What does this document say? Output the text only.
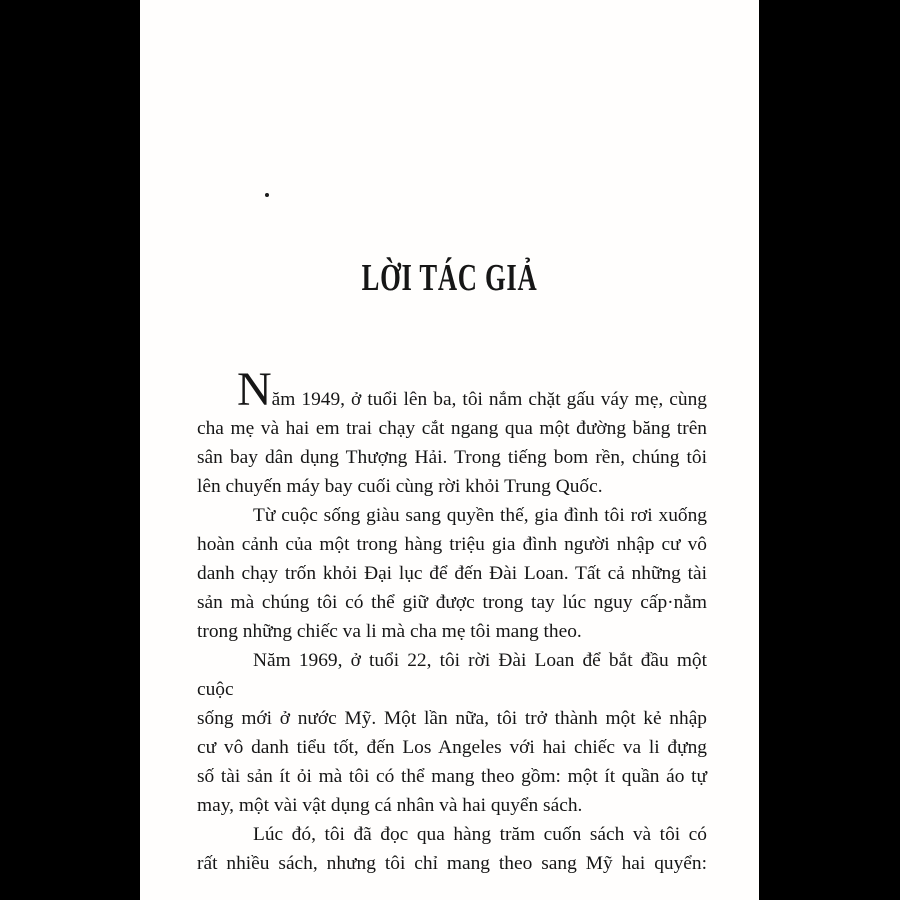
LỜI TÁC GIẢ
Năm 1949, ở tuổi lên ba, tôi nắm chặt gấu váy mẹ, cùng
cha mẹ và hai em trai chạy cắt ngang qua một đường băng trên
sân bay dân dụng Thượng Hải. Trong tiếng bom rền, chúng tôi
lên chuyến máy bay cuối cùng rời khỏi Trung Quốc.
Từ cuộc sống giàu sang quyền thế, gia đình tôi rơi xuống
hoàn cảnh của một trong hàng triệu gia đình người nhập cư vô
danh chạy trốn khỏi Đại lục để đến Đài Loan. Tất cả những tài
sản mà chúng tôi có thể giữ được trong tay lúc nguy cấp·nằm
trong những chiếc va li mà cha mẹ tôi mang theo.
Năm 1969, ở tuổi 22, tôi rời Đài Loan để bắt đầu một cuộc
sống mới ở nước Mỹ. Một lần nữa, tôi trở thành một kẻ nhập
cư vô danh tiểu tốt, đến Los Angeles với hai chiếc va li đựng
số tài sản ít ỏi mà tôi có thể mang theo gồm: một ít quần áo tự
may, một vài vật dụng cá nhân và hai quyển sách.
Lúc đó, tôi đã đọc qua hàng trăm cuốn sách và tôi có
rất nhiều sách, nhưng tôi chỉ mang theo sang Mỹ hai quyển:
